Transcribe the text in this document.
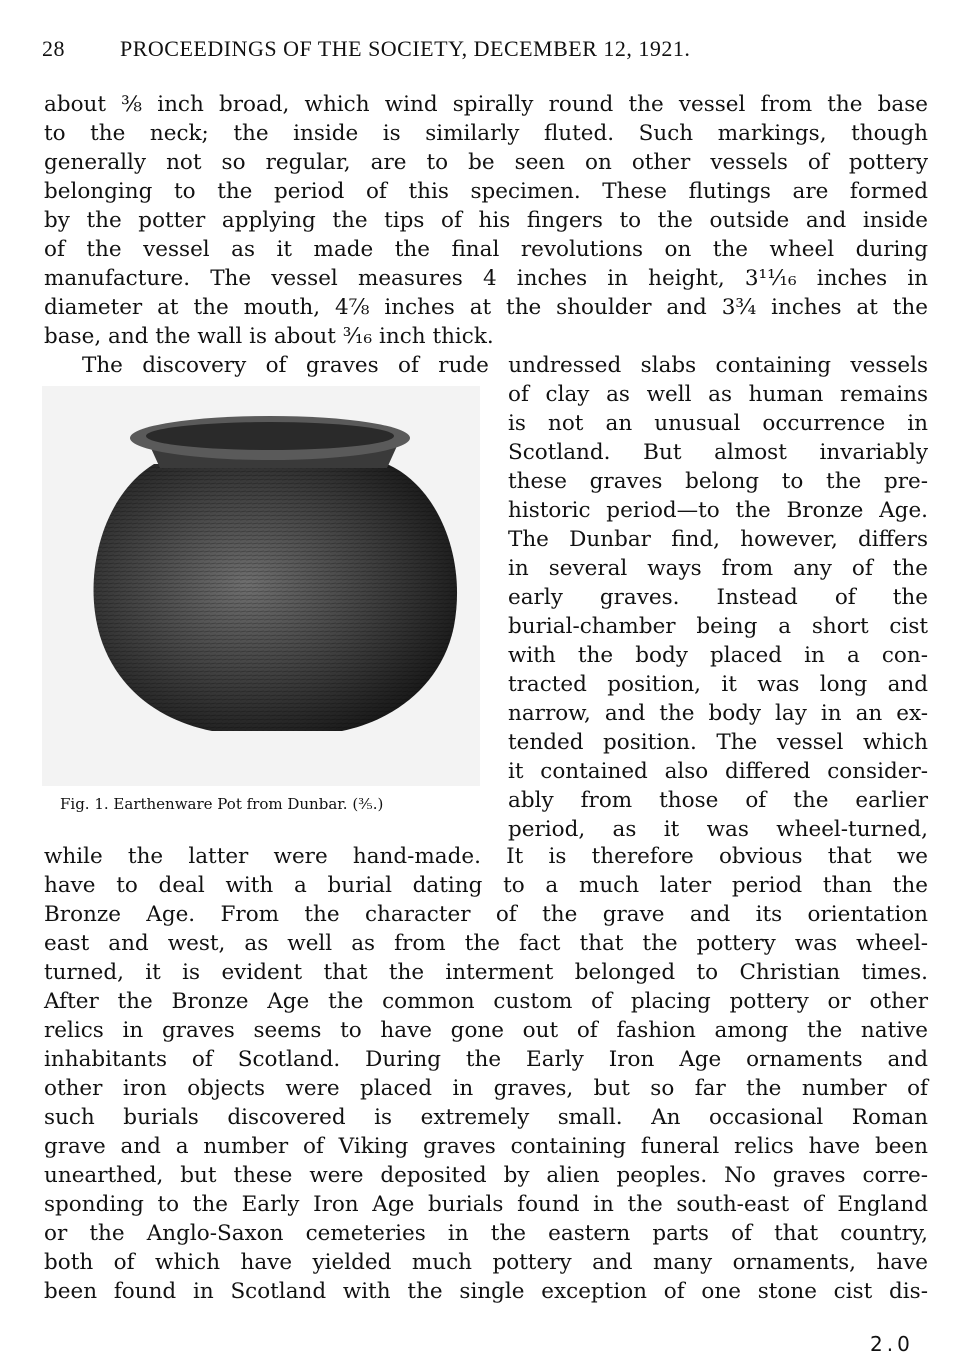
28	PROCEEDINGS OF THE SOCIETY, DECEMBER 12, 1921.
about ⅜ inch broad, which wind spirally round the vessel from the base
to the neck; the inside is similarly fluted. Such markings, though
generally not so regular, are to be seen on other vessels of pottery
belonging to the period of this specimen. These flutings are formed
by the potter applying the tips of his fingers to the outside and inside
of the vessel as it made the final revolutions on the wheel during
manufacture. The vessel measures 4 inches in height, 3¹¹⁄₁₆ inches in
diameter at the mouth, 4⅞ inches at the shoulder and 3¾ inches at the
base, and the wall is about ³⁄₁₆ inch thick.
The discovery of graves of rude undressed slabs containing vessels
Fig. 1. Earthenware Pot from Dunbar. (⅗.)
of clay as well as human remains
is not an unusual occurrence in
Scotland. But almost invariably
these graves belong to the pre-
historic period—to the Bronze Age.
The Dunbar find, however, differs
in several ways from any of the
early graves. Instead of the
burial-chamber being a short cist
with the body placed in a con-
tracted position, it was long and
narrow, and the body lay in an ex-
tended position. The vessel which
it contained also differed consider-
ably from those of the earlier
period, as it was wheel-turned,
while the latter were hand-made. It is therefore obvious that we
have to deal with a burial dating to a much later period than the
Bronze Age. From the character of the grave and its orientation
east and west, as well as from the fact that the pottery was wheel-
turned, it is evident that the interment belonged to Christian times.
After the Bronze Age the common custom of placing pottery or other
relics in graves seems to have gone out of fashion among the native
inhabitants of Scotland. During the Early Iron Age ornaments and
other iron objects were placed in graves, but so far the number of
such burials discovered is extremely small. An occasional Roman
grave and a number of Viking graves containing funeral relics have been
unearthed, but these were deposited by alien peoples. No graves corre-
sponding to the Early Iron Age burials found in the south-east of England
or the Anglo-Saxon cemeteries in the eastern parts of that country,
both of which have yielded much pottery and many ornaments, have
been found in Scotland with the single exception of one stone cist dis-
2.0
